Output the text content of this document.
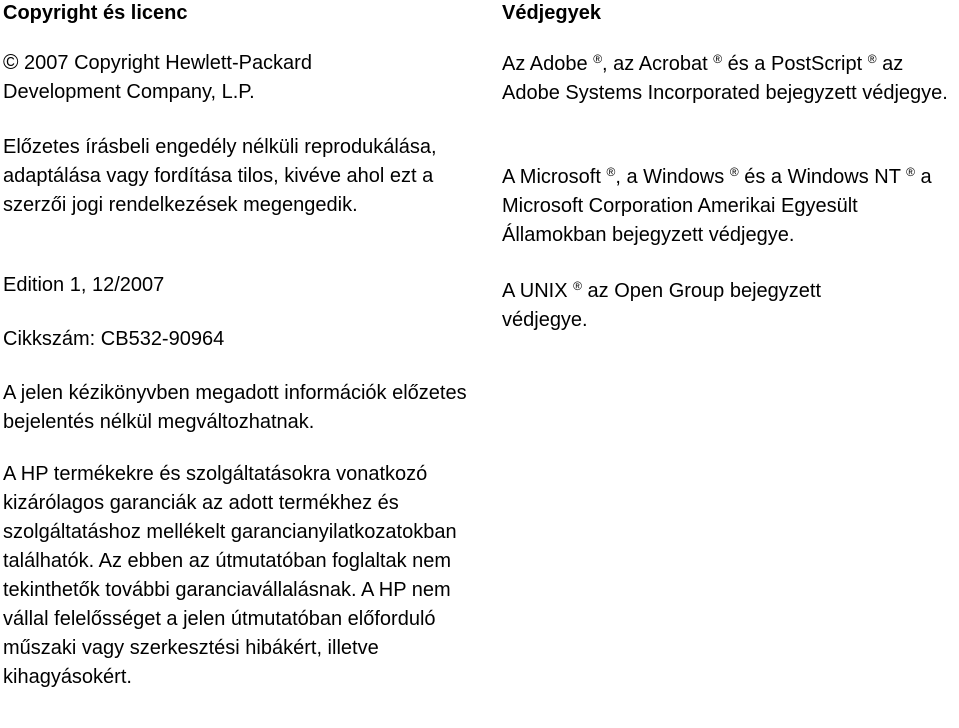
Copyright és licenc

© 2007 Copyright Hewlett-Packard Development Company, L.P.

Előzetes írásbeli engedély nélküli reprodukálása, adaptálása vagy fordítása tilos, kivéve ahol ezt a szerzői jogi rendelkezések megengedik.

Edition 1, 12/2007

Cikkszám: CB532-90964

A jelen kézikönyvben megadott információk előzetes bejelentés nélkül megváltozhatnak.

A HP termékekre és szolgáltatásokra vonatkozó kizárólagos garanciák az adott termékhez és szolgáltatáshoz mellékelt garancianyilatkozatokban találhatók. Az ebben az útmutatóban foglaltak nem tekinthetők további garanciavállalásnak. A HP nem vállal felelősséget a jelen útmutatóban előforduló műszaki vagy szerkesztési hibákért, illetve kihagyásokért.

Védjegyek

Az Adobe ®, az Acrobat ® és a PostScript ® az Adobe Systems Incorporated bejegyzett védjegye.

A Microsoft ®, a Windows ® és a Windows NT ® a Microsoft Corporation Amerikai Egyesült Államokban bejegyzett védjegye.

A UNIX ® az Open Group bejegyzett védjegye.
